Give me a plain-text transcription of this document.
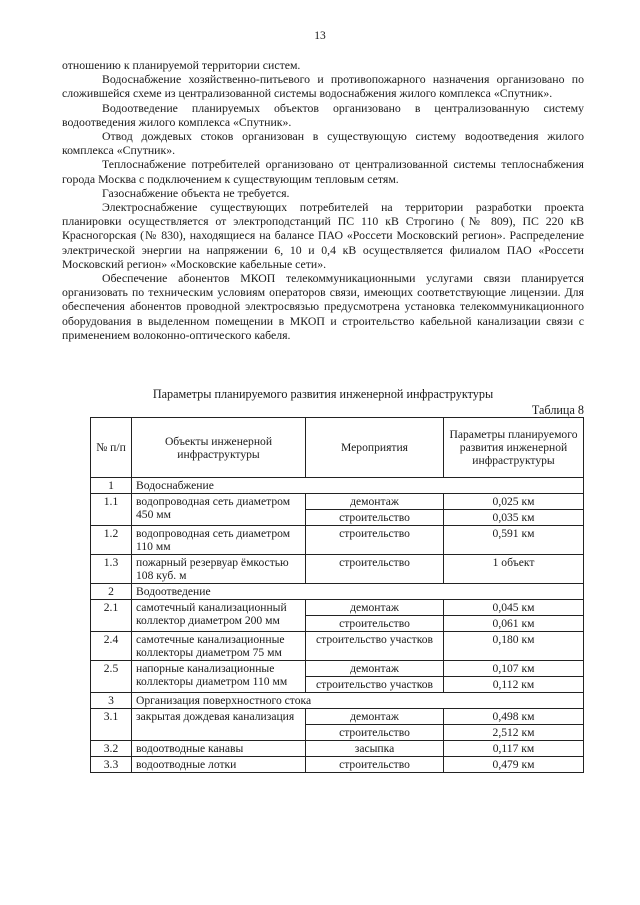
13

отношению к планируемой территории систем.

Водоснабжение хозяйственно-питьевого и противопожарного назначения организовано по сложившейся схеме из централизованной системы водоснабжения жилого комплекса «Спутник».

Водоотведение планируемых объектов организовано в централизованную систему водоотведения жилого комплекса «Спутник».

Отвод дождевых стоков организован в существующую систему водоотведения жилого комплекса «Спутник».

Теплоснабжение потребителей организовано от централизованной системы теплоснабжения города Москва с подключением к существующим тепловым сетям.

Газоснабжение объекта не требуется.

Электроснабжение существующих потребителей на территории разработки проекта планировки осуществляется от электроподстанций ПС 110 кВ Строгино (№ 809), ПС 220 кВ Красногорская (№ 830), находящиеся на балансе ПАО «Россети Московский регион». Распределение электрической энергии на напряжении 6, 10 и 0,4 кВ осуществляется филиалом ПАО «Россети Московский регион» «Московские кабельные сети».

Обеспечение абонентов МКОП телекоммуникационными услугами связи планируется организовать по техническим условиям операторов связи, имеющих соответствующие лицензии. Для обеспечения абонентов проводной электросвязью предусмотрена установка телекоммуникационного оборудования в выделенном помещении в МКОП и строительство кабельной канализации связи с применением волоконно-оптического кабеля.

Параметры планируемого развития инженерной инфраструктуры
Таблица 8
№ п/п	Объекты инженерной инфраструктуры	Мероприятия	Параметры планируемого развития инженерной инфраструктуры
1	Водоснабжение		
1.1	водопроводная сеть диаметром 450 мм	демонтаж	0,025 км
		строительство	0,035 км
1.2	водопроводная сеть диаметром 110 мм	строительство	0,591 км
1.3	пожарный резервуар ёмкостью 108 куб. м	строительство	1 объект
2	Водоотведение		
2.1	самотечный канализационный коллектор диаметром 200 мм	демонтаж	0,045 км
		строительство	0,061 км
2.4	самотечные канализационные коллекторы диаметром 75 мм	строительство участков	0,180 км
2.5	напорные канализационные коллекторы диаметром 110 мм	демонтаж	0,107 км
		строительство участков	0,112 км
3	Организация поверхностного стока		
3.1	закрытая дождевая канализация	демонтаж	0,498 км
		строительство	2,512 км
3.2	водоотводные канавы	засыпка	0,117 км
3.3	водоотводные лотки	строительство	0,479 км
